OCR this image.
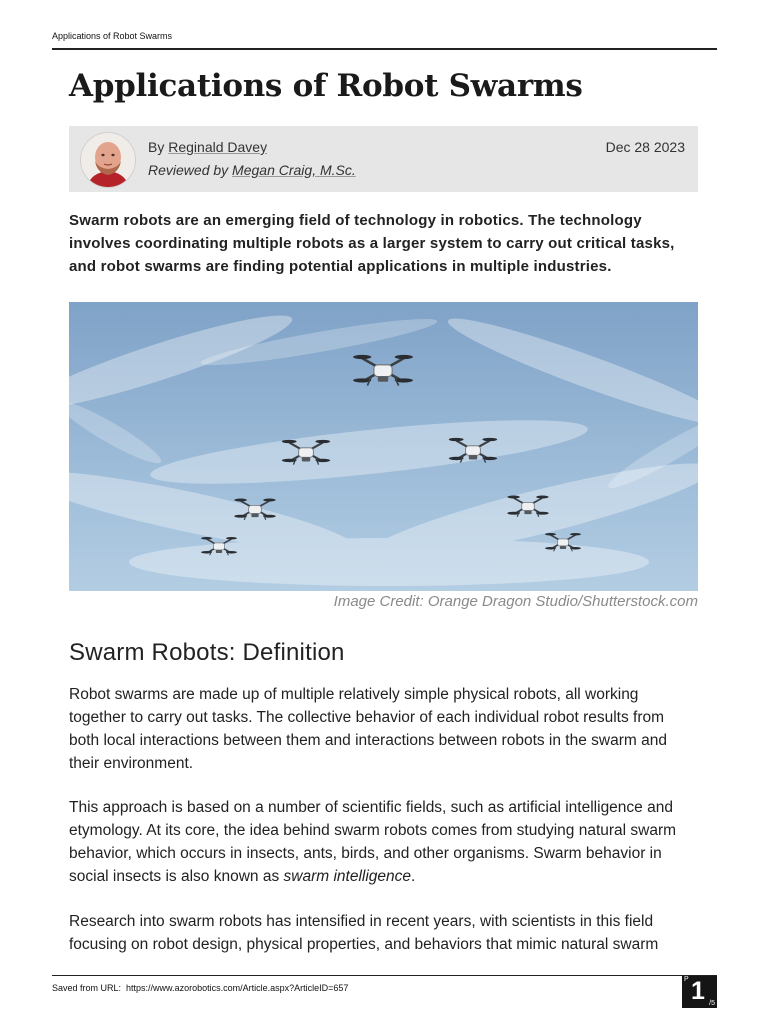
Applications of Robot Swarms
Applications of Robot Swarms
By Reginald Davey
Reviewed by Megan Craig, M.Sc.
Dec 28 2023

Swarm robots are an emerging field of technology in robotics. The technology involves coordinating multiple robots as a larger system to carry out critical tasks, and robot swarms are finding potential applications in multiple industries.

Image Credit: Orange Dragon Studio/Shutterstock.com
Swarm Robots: Definition

Robot swarms are made up of multiple relatively simple physical robots, all working together to carry out tasks. The collective behavior of each individual robot results from both local interactions between them and interactions between robots in the swarm and their environment.

This approach is based on a number of scientific fields, such as artificial intelligence and etymology. At its core, the idea behind swarm robots comes from studying natural swarm behavior, which occurs in insects, ants, birds, and other organisms. Swarm behavior in social insects is also known as swarm intelligence.

Research into swarm robots has intensified in recent years, with scientists in this field focusing on robot design, physical properties, and behaviors that mimic natural swarm

Saved from URL: https://www.azorobotics.com/Article.aspx?ArticleID=657
P 1 /5
